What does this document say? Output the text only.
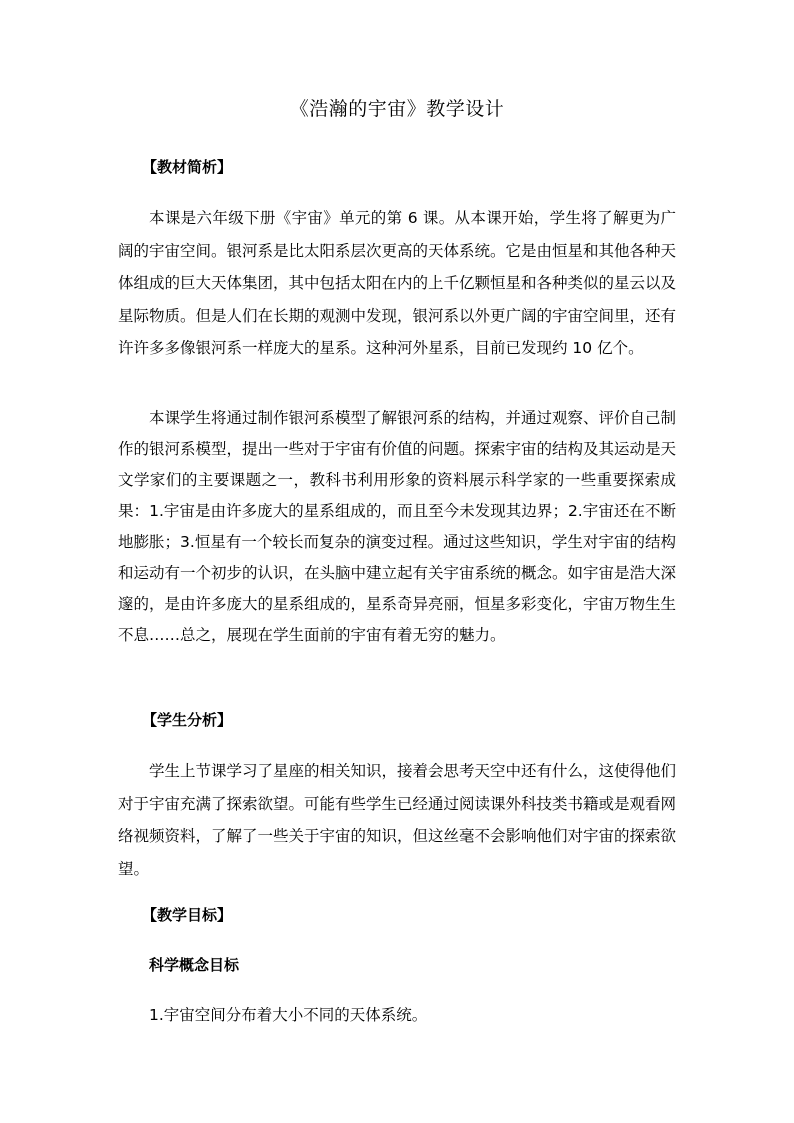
《浩瀚的宇宙》教学设计
【教材简析】

本课是六年级下册《宇宙》单元的第 6 课。从本课开始，学生将了解更为广阔的宇宙空间。银河系是比太阳系层次更高的天体系统。它是由恒星和其他各种天体组成的巨大天体集团，其中包括太阳在内的上千亿颗恒星和各种类似的星云以及星际物质。但是人们在长期的观测中发现，银河系以外更广阔的宇宙空间里，还有许许多多像银河系一样庞大的星系。这种河外星系，目前已发现约 10 亿个。

本课学生将通过制作银河系模型了解银河系的结构，并通过观察、评价自己制作的银河系模型，提出一些对于宇宙有价值的问题。探索宇宙的结构及其运动是天文学家们的主要课题之一，教科书利用形象的资料展示科学家的一些重要探索成果：1.宇宙是由许多庞大的星系组成的，而且至今未发现其边界；2.宇宙还在不断地膨胀；3.恒星有一个较长而复杂的演变过程。通过这些知识，学生对宇宙的结构和运动有一个初步的认识，在头脑中建立起有关宇宙系统的概念。如宇宙是浩大深邃的，是由许多庞大的星系组成的，星系奇异亮丽，恒星多彩变化，宇宙万物生生不息……总之，展现在学生面前的宇宙有着无穷的魅力。

【学生分析】

学生上节课学习了星座的相关知识，接着会思考天空中还有什么，这使得他们对于宇宙充满了探索欲望。可能有些学生已经通过阅读课外科技类书籍或是观看网络视频资料，了解了一些关于宇宙的知识，但这丝毫不会影响他们对宇宙的探索欲望。

【教学目标】
科学概念目标
1.宇宙空间分布着大小不同的天体系统。
